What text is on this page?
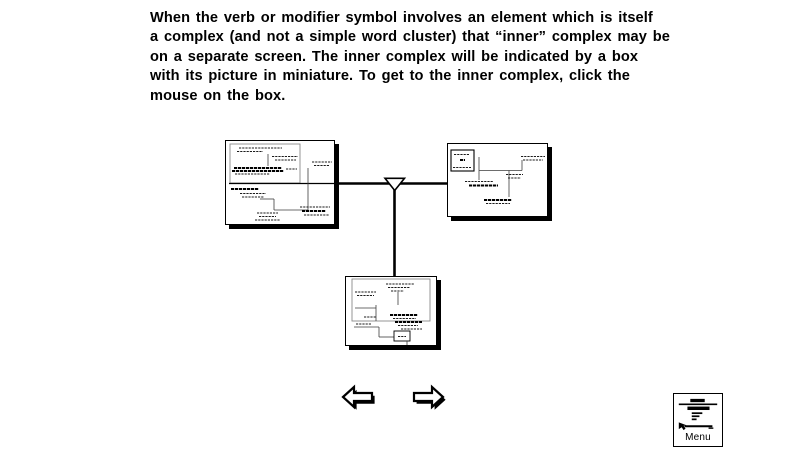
When the verb or modifier symbol involves an element which is itself
a complex (and not a simple word cluster) that “inner” complex may be
on a separate screen. The inner complex will be indicated by a box
with its picture in miniature. To get to the inner complex, click the
mouse on the box.
Menu
